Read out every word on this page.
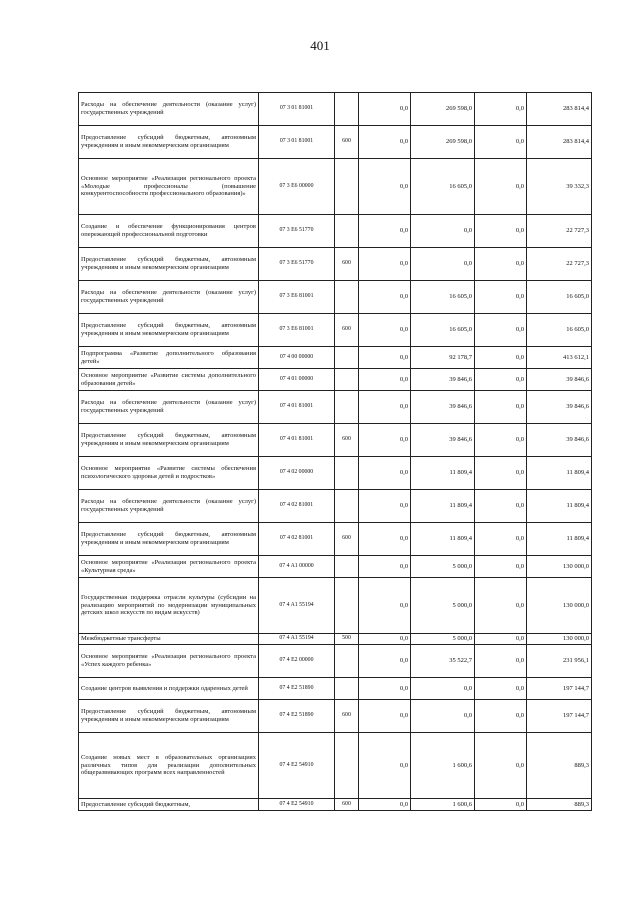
401
Расходы на обеспечение деятельности (оказание услуг) государственных учреждений	07 3 01 81001		0,0	269 598,0	0,0	283 814,4
Предоставление субсидий бюджетным, автономным учреждениям и иным некоммерческим организациям	07 3 01 81001	600	0,0	269 598,0	0,0	283 814,4
Основное мероприятие «Реализация регионального проекта «Молодые профессионалы (повышение конкурентоспособности профессионального образования)»	07 3 E6 00000		0,0	16 605,0	0,0	39 332,3
Создание и обеспечение функционирования центров опережающей профессиональной подготовки	07 3 E6 51770		0,0	0,0	0,0	22 727,3
Предоставление субсидий бюджетным, автономным учреждениям и иным некоммерческим организациям	07 3 E6 51770	600	0,0	0,0	0,0	22 727,3
Расходы на обеспечение деятельности (оказание услуг) государственных учреждений	07 3 E6 81001		0,0	16 605,0	0,0	16 605,0
Предоставление субсидий бюджетным, автономным учреждениям и иным некоммерческим организациям	07 3 E6 81001	600	0,0	16 605,0	0,0	16 605,0
Подпрограмма «Развитие дополнительного образования детей»	07 4 00 00000		0,0	92 178,7	0,0	413 612,1
Основное мероприятие «Развитие системы дополнительного образования детей»	07 4 01 00000		0,0	39 846,6	0,0	39 846,6
Расходы на обеспечение деятельности (оказание услуг) государственных учреждений	07 4 01 81001		0,0	39 846,6	0,0	39 846,6
Предоставление субсидий бюджетным, автономным учреждениям и иным некоммерческим организациям	07 4 01 81001	600	0,0	39 846,6	0,0	39 846,6
Основное мероприятие «Развитие системы обеспечения психологического здоровья детей и подростков»	07 4 02 00000		0,0	11 809,4	0,0	11 809,4
Расходы на обеспечение деятельности (оказание услуг) государственных учреждений	07 4 02 81001		0,0	11 809,4	0,0	11 809,4
Предоставление субсидий бюджетным, автономным учреждениям и иным некоммерческим организациям	07 4 02 81001	600	0,0	11 809,4	0,0	11 809,4
Основное мероприятие «Реализация регионального проекта «Культурная среда»	07 4 A1 00000		0,0	5 000,0	0,0	130 000,0
Государственная поддержка отрасли культуры (субсидии на реализацию мероприятий по модернизации муниципальных детских школ искусств по видам искусств)	07 4 A1 55194		0,0	5 000,0	0,0	130 000,0
Межбюджетные трансферты	07 4 A1 55194	500	0,0	5 000,0	0,0	130 000,0
Основное мероприятие «Реализация регионального проекта «Успех каждого ребенка»	07 4 E2 00000		0,0	35 522,7	0,0	231 956,1
Создание центров выявления и поддержки одаренных детей	07 4 E2 51890		0,0	0,0	0,0	197 144,7
Предоставление субсидий бюджетным, автономным учреждениям и иным некоммерческим организациям	07 4 E2 51890	600	0,0	0,0	0,0	197 144,7
Создание новых мест в образовательных организациях различных типов для реализации дополнительных общеразвивающих программ всех направленностей	07 4 E2 54910		0,0	1 600,6	0,0	889,3
Предоставление субсидий бюджетным,	07 4 E2 54910	600	0,0	1 600,6	0,0	889,3
